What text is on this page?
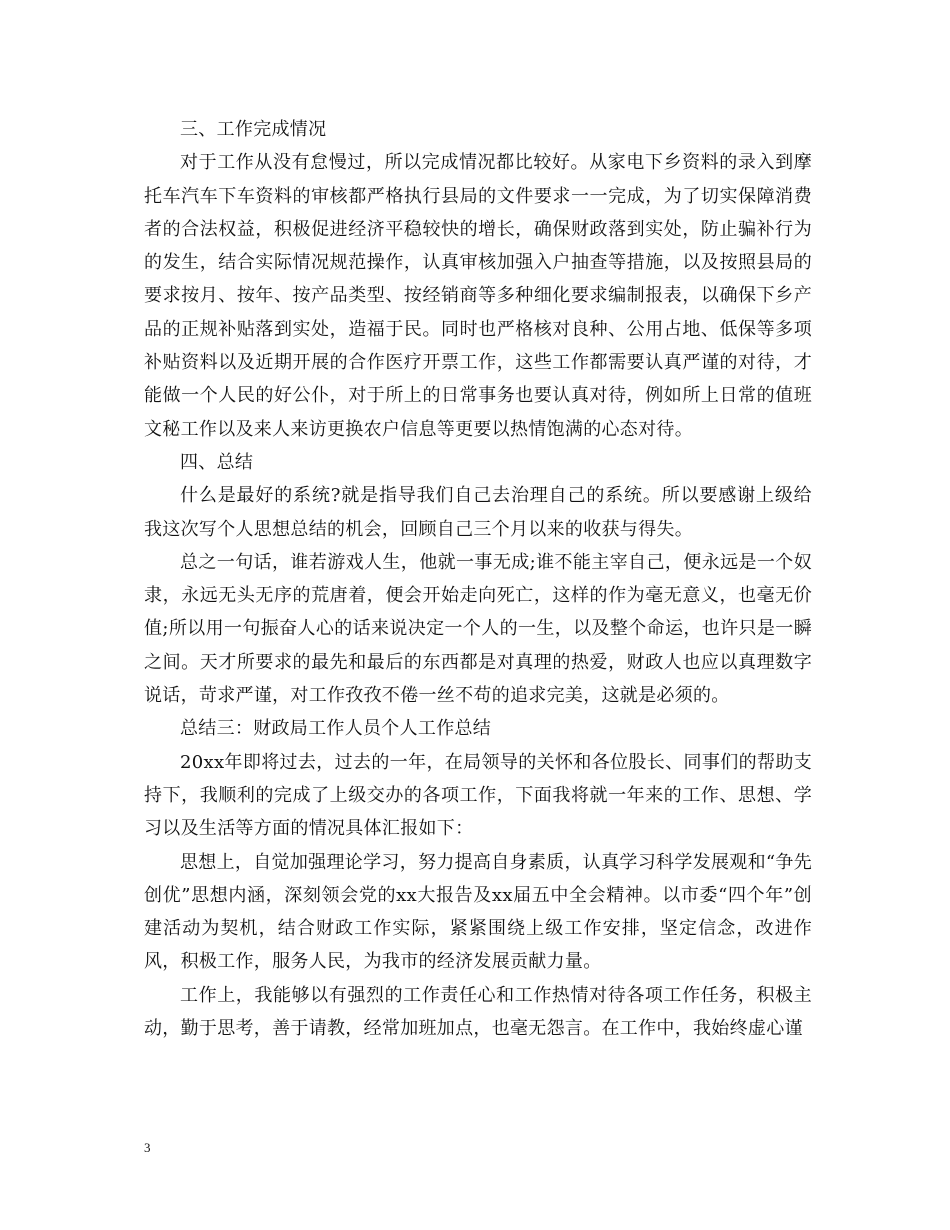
三、工作完成情况

对于工作从没有怠慢过，所以完成情况都比较好。从家电下乡资料的录入到摩托车汽车下车资料的审核都严格执行县局的文件要求一一完成，为了切实保障消费者的合法权益，积极促进经济平稳较快的增长，确保财政落到实处，防止骗补行为的发生，结合实际情况规范操作，认真审核加强入户抽查等措施，以及按照县局的要求按月、按年、按产品类型、按经销商等多种细化要求编制报表，以确保下乡产品的正规补贴落到实处，造福于民。同时也严格核对良种、公用占地、低保等多项补贴资料以及近期开展的合作医疗开票工作，这些工作都需要认真严谨的对待，才能做一个人民的好公仆，对于所上的日常事务也要认真对待，例如所上日常的值班文秘工作以及来人来访更换农户信息等更要以热情饱满的心态对待。

四、总结

什么是最好的系统?就是指导我们自己去治理自己的系统。所以要感谢上级给我这次写个人思想总结的机会，回顾自己三个月以来的收获与得失。

总之一句话，谁若游戏人生，他就一事无成;谁不能主宰自己，便永远是一个奴隶，永远无头无序的荒唐着，便会开始走向死亡，这样的作为毫无意义，也毫无价值;所以用一句振奋人心的话来说决定一个人的一生，以及整个命运，也许只是一瞬之间。天才所要求的最先和最后的东西都是对真理的热爱，财政人也应以真理数字说话，苛求严谨，对工作孜孜不倦一丝不苟的追求完美，这就是必须的。

总结三：财政局工作人员个人工作总结

20xx年即将过去，过去的一年，在局领导的关怀和各位股长、同事们的帮助支持下，我顺利的完成了上级交办的各项工作，下面我将就一年来的工作、思想、学习以及生活等方面的情况具体汇报如下：

思想上，自觉加强理论学习，努力提高自身素质，认真学习科学发展观和“争先创优”思想内涵，深刻领会党的xx大报告及xx届五中全会精神。以市委“四个年”创建活动为契机，结合财政工作实际，紧紧围绕上级工作安排，坚定信念，改进作风，积极工作，服务人民，为我市的经济发展贡献力量。

工作上，我能够以有强烈的工作责任心和工作热情对待各项工作任务，积极主动，勤于思考，善于请教，经常加班加点，也毫无怨言。在工作中，我始终虚心谨

3
